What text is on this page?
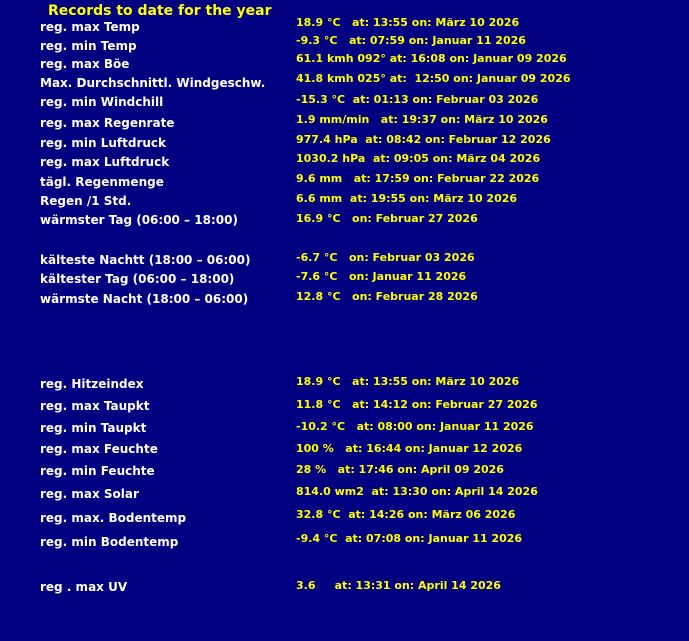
Records to date for the year
reg. max Temp	18.9 °C   at: 13:55 on: März 10 2026
reg. min Temp	-9.3 °C   at: 07:59 on: Januar 11 2026
reg. max Böe	61.1 kmh 092° at: 16:08 on: Januar 09 2026
Max. Durchschnittl. Windgeschw.	41.8 kmh 025° at:  12:50 on: Januar 09 2026
reg. min Windchill	-15.3 °C  at: 01:13 on: Februar 03 2026
reg. max Regenrate	1.9 mm/min   at: 19:37 on: März 10 2026
reg. min Luftdruck	977.4 hPa  at: 08:42 on: Februar 12 2026
reg. max Luftdruck	1030.2 hPa  at: 09:05 on: März 04 2026
tägl. Regenmenge	9.6 mm   at: 17:59 on: Februar 22 2026
Regen /1 Std.	6.6 mm  at: 19:55 on: März 10 2026
wärmster Tag (06:00 – 18:00)	16.9 °C   on: Februar 27 2026
kälteste Nachtt (18:00 – 06:00)	-6.7 °C   on: Februar 03 2026
kältester Tag (06:00 – 18:00)	-7.6 °C   on: Januar 11 2026
wärmste Nacht (18:00 – 06:00)	12.8 °C   on: Februar 28 2026
reg. Hitzeindex	18.9 °C   at: 13:55 on: März 10 2026
reg. max Taupkt	11.8 °C   at: 14:12 on: Februar 27 2026
reg. min Taupkt	-10.2 °C   at: 08:00 on: Januar 11 2026
reg. max Feuchte	100 %   at: 16:44 on: Januar 12 2026
reg. min Feuchte	28 %   at: 17:46 on: April 09 2026
reg. max Solar	814.0 wm2  at: 13:30 on: April 14 2026
reg. max. Bodentemp	32.8 °C  at: 14:26 on: März 06 2026
reg. min Bodentemp	-9.4 °C  at: 07:08 on: Januar 11 2026
reg . max UV	3.6     at: 13:31 on: April 14 2026
